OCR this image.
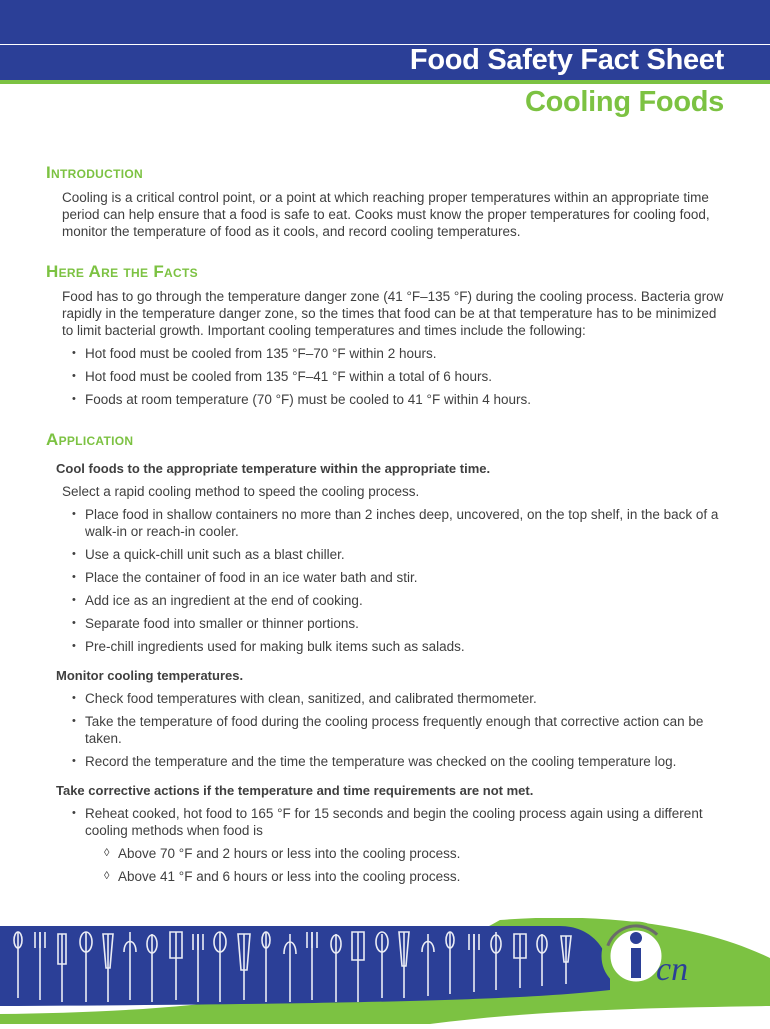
Food Safety Fact Sheet
Cooling Foods
Introduction

Cooling is a critical control point, or a point at which reaching proper temperatures within an appropriate time period can help ensure that a food is safe to eat. Cooks must know the proper temperatures for cooling food, monitor the temperature of food as it cools, and record cooling temperatures.

Here Are the Facts

Food has to go through the temperature danger zone (41 °F–135 °F) during the cooling process. Bacteria grow rapidly in the temperature danger zone, so the times that food can be at that temperature has to be minimized to limit bacterial growth. Important cooling temperatures and times include the following:

• Hot food must be cooled from 135 °F–70 °F within 2 hours.
• Hot food must be cooled from 135 °F–41 °F within a total of 6 hours.
• Foods at room temperature (70 °F) must be cooled to 41 °F within 4 hours.
Application
Cool foods to the appropriate temperature within the appropriate time.

Select a rapid cooling method to speed the cooling process.

• Place food in shallow containers no more than 2 inches deep, uncovered, on the top shelf, in the back of a walk-in or reach-in cooler.
• Use a quick-chill unit such as a blast chiller.
• Place the container of food in an ice water bath and stir.
• Add ice as an ingredient at the end of cooking.
• Separate food into smaller or thinner portions.
• Pre-chill ingredients used for making bulk items such as salads.
Monitor cooling temperatures.
• Check food temperatures with clean, sanitized, and calibrated thermometer.
• Take the temperature of food during the cooling process frequently enough that corrective action can be taken.
• Record the temperature and the time the temperature was checked on the cooling temperature log.
Take corrective actions if the temperature and time requirements are not met.
• Reheat cooked, hot food to 165 °F for 15 seconds and begin the cooling process again using a different cooling methods when food is
◊ Above 70 °F and 2 hours or less into the cooling process.
◊ Above 41 °F and 6 hours or less into the cooling process.
cn
